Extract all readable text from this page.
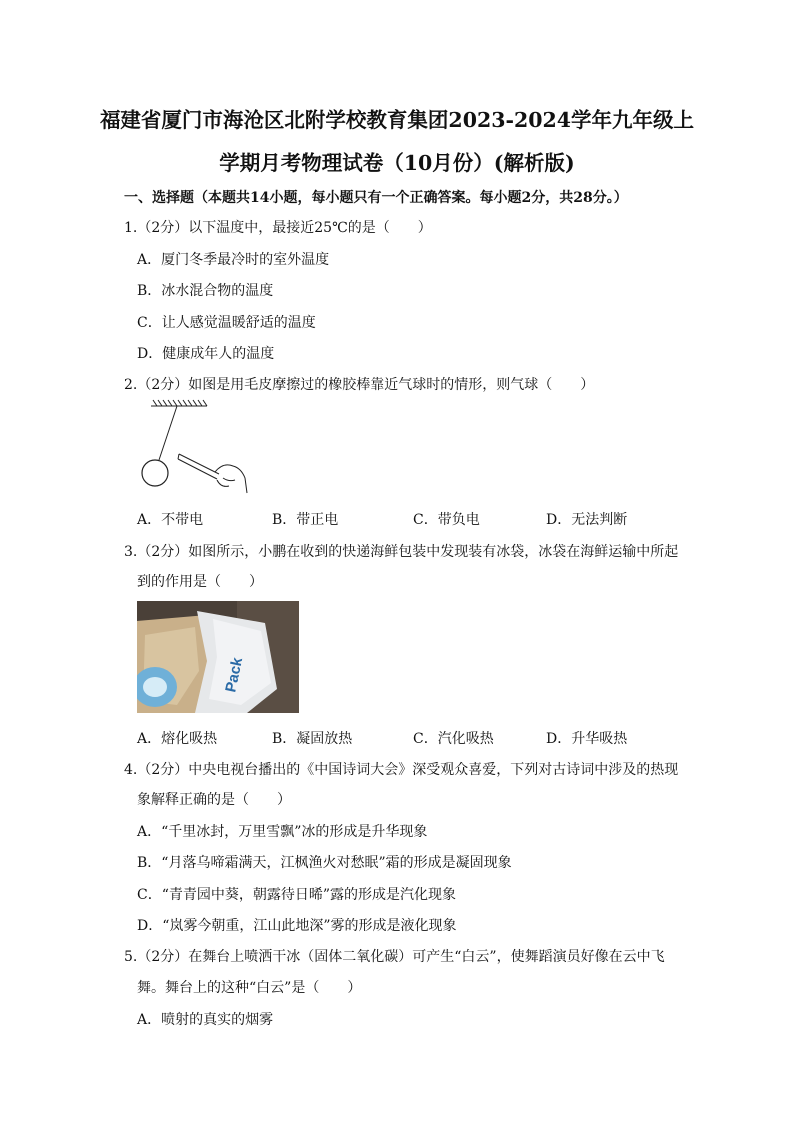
福建省厦门市海沧区北附学校教育集团2023-2024学年九年级上
学期月考物理试卷（10月份）(解析版)
一、选择题（本题共14小题，每小题只有一个正确答案。每小题2分，共28分。）
1.（2分）以下温度中，最接近25℃的是（　　）
A．厦门冬季最冷时的室外温度
B．冰水混合物的温度
C．让人感觉温暖舒适的温度
D．健康成年人的温度
2.（2分）如图是用毛皮摩擦过的橡胶棒靠近气球时的情形，则气球（　　）
A．不带电	B．带正电	C．带负电	D．无法判断
3.（2分）如图所示，小鹏在收到的快递海鲜包装中发现装有冰袋，冰袋在海鲜运输中所起
到的作用是（　　）
Pack
A．熔化吸热	B．凝固放热	C．汽化吸热	D．升华吸热
4.（2分）中央电视台播出的《中国诗词大会》深受观众喜爱，下列对古诗词中涉及的热现
象解释正确的是（　　）
A．“千里冰封，万里雪飘”冰的形成是升华现象
B．“月落乌啼霜满天，江枫渔火对愁眠”霜的形成是凝固现象
C．“青青园中葵，朝露待日晞”露的形成是汽化现象
D．“岚雾今朝重，江山此地深”雾的形成是液化现象
5.（2分）在舞台上喷洒干冰（固体二氧化碳）可产生“白云”，使舞蹈演员好像在云中飞
舞。舞台上的这种“白云”是（　　）
A．喷射的真实的烟雾
